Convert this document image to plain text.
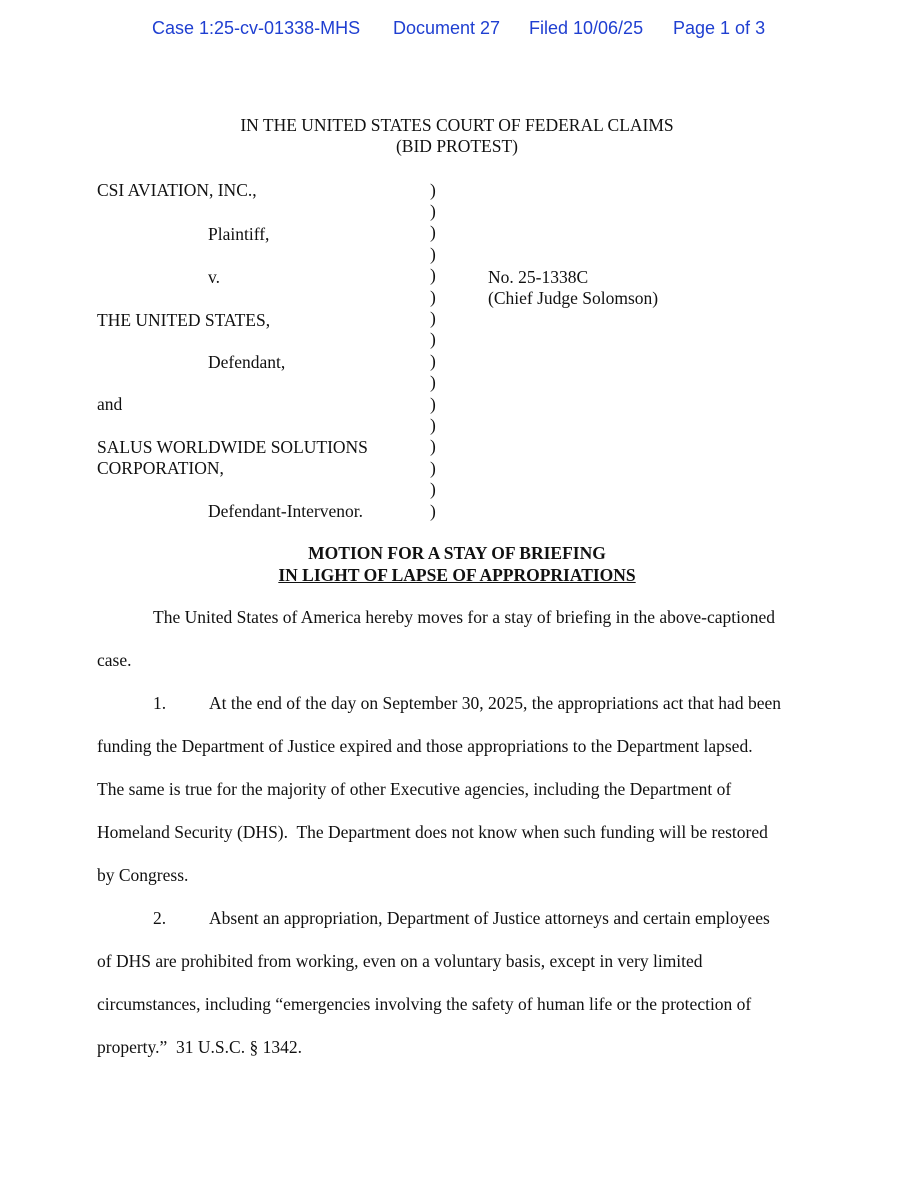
Case 1:25-cv-01338-MHS Document 27 Filed 10/06/25 Page 1 of 3
IN THE UNITED STATES COURT OF FEDERAL CLAIMS
(BID PROTEST)
CSI AVIATION, INC.,
Plaintiff,
v.
THE UNITED STATES,
Defendant,
and
SALUS WORLDWIDE SOLUTIONS
CORPORATION,
Defendant-Intervenor.
)
)
)
)
)
)
)
)
)
)
)
)
)
)
)
)
No. 25-1338C
(Chief Judge Solomson)
MOTION FOR A STAY OF BRIEFING
IN LIGHT OF LAPSE OF APPROPRIATIONS
The United States of America hereby moves for a stay of briefing in the above-captioned
case.
1. At the end of the day on September 30, 2025, the appropriations act that had been
funding the Department of Justice expired and those appropriations to the Department lapsed.
The same is true for the majority of other Executive agencies, including the Department of
Homeland Security (DHS).  The Department does not know when such funding will be restored
by Congress.
2. Absent an appropriation, Department of Justice attorneys and certain employees
of DHS are prohibited from working, even on a voluntary basis, except in very limited
circumstances, including “emergencies involving the safety of human life or the protection of
property.”  31 U.S.C. § 1342.
